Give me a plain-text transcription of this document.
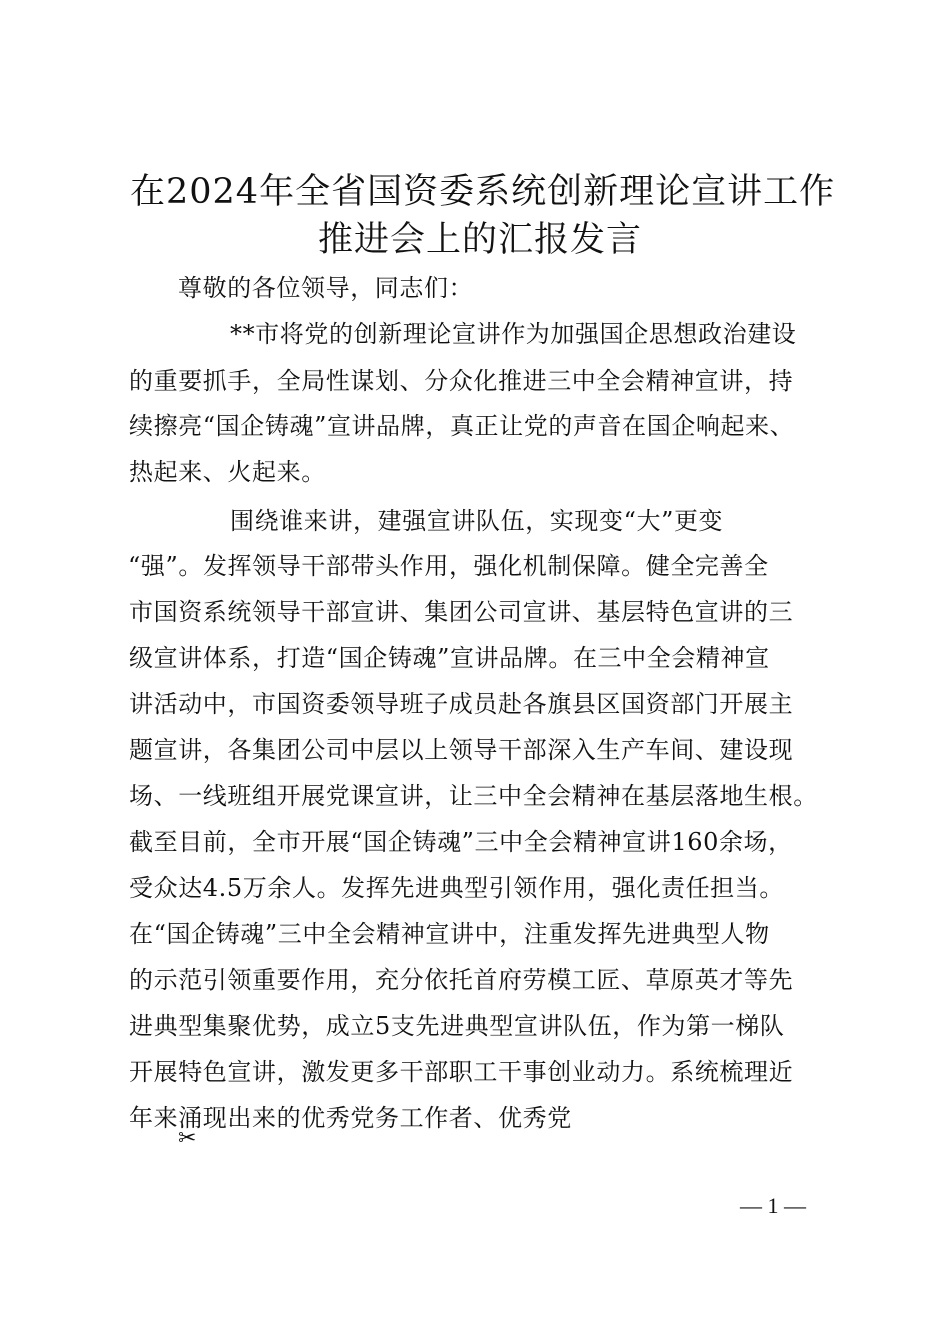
在2024年全省国资委系统创新理论宣讲工作
推进会上的汇报发言
尊敬的各位领导，同志们：
**市将党的创新理论宣讲作为加强国企思想政治建设
的重要抓手，全局性谋划、分众化推进三中全会精神宣讲，持
续擦亮“国企铸魂”宣讲品牌，真正让党的声音在国企响起来、
热起来、火起来。
围绕谁来讲，建强宣讲队伍，实现变“大”更变
“强”。发挥领导干部带头作用，强化机制保障。健全完善全
市国资系统领导干部宣讲、集团公司宣讲、基层特色宣讲的三
级宣讲体系，打造“国企铸魂”宣讲品牌。在三中全会精神宣
讲活动中，市国资委领导班子成员赴各旗县区国资部门开展主
题宣讲，各集团公司中层以上领导干部深入生产车间、建设现
场、一线班组开展党课宣讲，让三中全会精神在基层落地生根。
截至目前，全市开展“国企铸魂”三中全会精神宣讲160余场，
受众达4.5万余人。发挥先进典型引领作用，强化责任担当。
在“国企铸魂”三中全会精神宣讲中，注重发挥先进典型人物
的示范引领重要作用，充分依托首府劳模工匠、草原英才等先
进典型集聚优势，成立5支先进典型宣讲队伍，作为第一梯队
开展特色宣讲，激发更多干部职工干事创业动力。系统梳理近
年来涌现出来的优秀党务工作者、优秀党
✂
— 1 —
